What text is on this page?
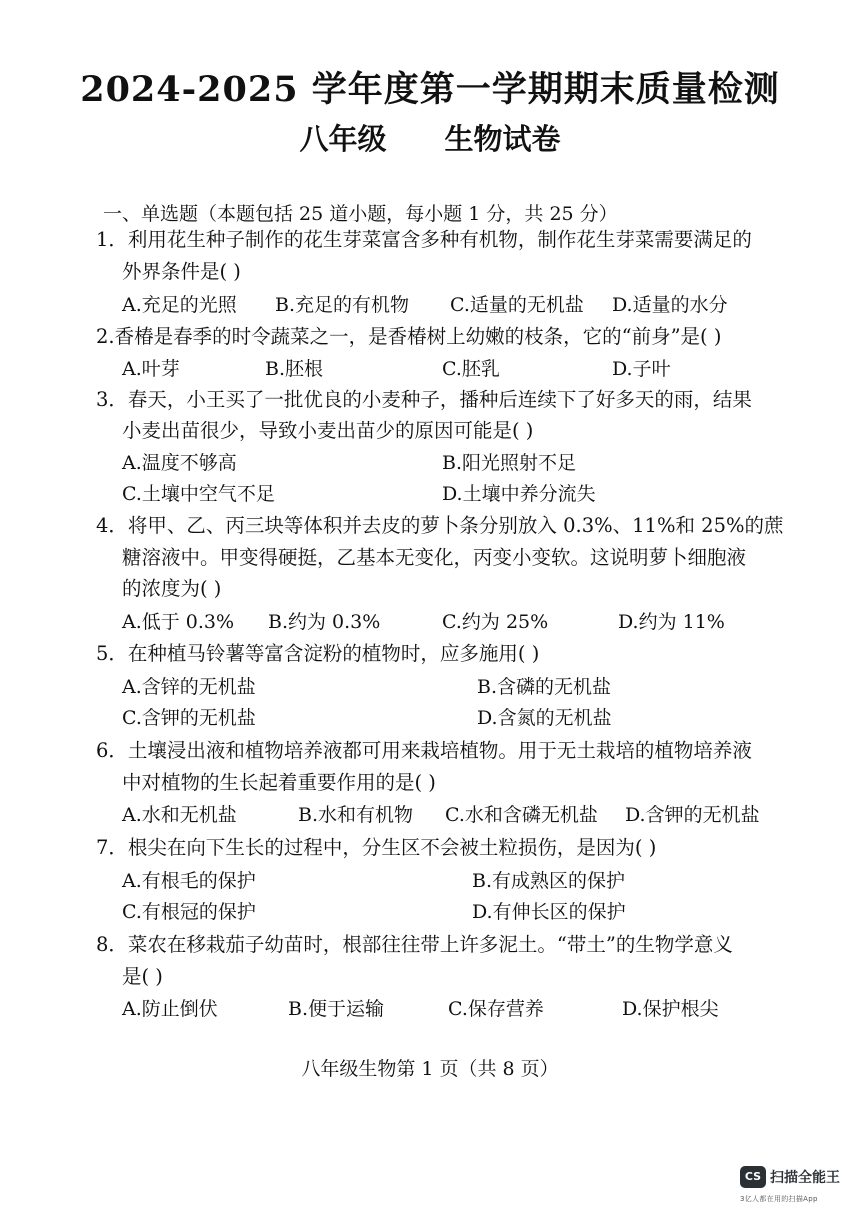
2024-2025 学年度第一学期期末质量检测
八年级 生物试卷
一、单选题（本题包括 25 道小题，每小题 1 分，共 25 分）
1．利用花生种子制作的花生芽菜富含多种有机物，制作花生芽菜需要满足的
外界条件是( )
A.充足的光照 B.充足的有机物 C.适量的无机盐 D.适量的水分
2.香椿是春季的时令蔬菜之一，是香椿树上幼嫩的枝条，它的“前身”是( )
A.叶芽	B.胚根	C.胚乳	D.子叶
3．春天，小王买了一批优良的小麦种子，播种后连续下了好多天的雨，结果
小麦出苗很少，导致小麦出苗少的原因可能是( )
A.温度不够高	B.阳光照射不足
C.土壤中空气不足	D.土壤中养分流失
4．将甲、乙、丙三块等体积并去皮的萝卜条分别放入 0.3%、11%和 25%的蔗
糖溶液中。甲变得硬挺，乙基本无变化，丙变小变软。这说明萝卜细胞液
的浓度为( )
A.低于 0.3% B.约为 0.3%	C.约为 25%	D.约为 11%
5．在种植马铃薯等富含淀粉的植物时，应多施用( )
A.含锌的无机盐	B.含磷的无机盐
C.含钾的无机盐	D.含氮的无机盐
6．土壤浸出液和植物培养液都可用来栽培植物。用于无土栽培的植物培养液
中对植物的生长起着重要作用的是( )
A.水和无机盐	B.水和有机物 C.水和含磷无机盐 D.含钾的无机盐
7．根尖在向下生长的过程中，分生区不会被土粒损伤，是因为( )
A.有根毛的保护	B.有成熟区的保护
C.有根冠的保护	D.有伸长区的保护
8．菜农在移栽茄子幼苗时，根部往往带上许多泥土。“带土”的生物学意义
是( )
A.防止倒伏	B.便于运输	C.保存营养	D.保护根尖
八年级生物第 1 页（共 8 页）
CS 扫描全能王
3亿人都在用的扫描App
